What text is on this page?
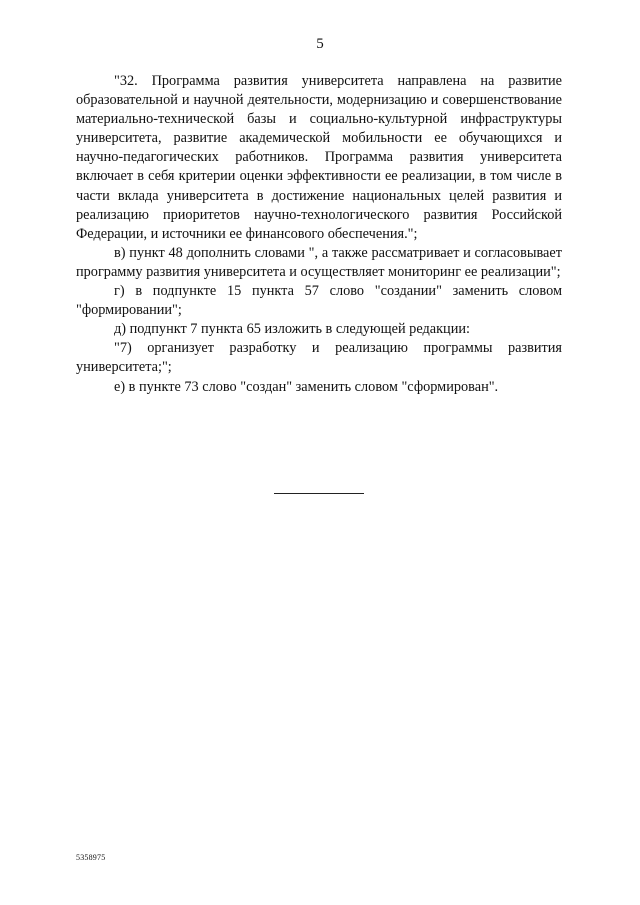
5

"32. Программа развития университета направлена на развитие образовательной и научной деятельности, модернизацию и совершенствование материально-технической базы и социально-культурной инфраструктуры университета, развитие академической мобильности ее обучающихся и научно-педагогических работников. Программа развития университета включает в себя критерии оценки эффективности ее реализации, в том числе в части вклада университета в достижение национальных целей развития и реализацию приоритетов научно-технологического развития Российской Федерации, и источники ее финансового обеспечения.";

в) пункт 48 дополнить словами ", а также рассматривает и согласовывает программу развития университета и осуществляет мониторинг ее реализации";

г) в подпункте 15 пункта 57 слово "создании" заменить словом "формировании";

д) подпункт 7 пункта 65 изложить в следующей редакции:

"7) организует разработку и реализацию программы развития университета;";

е) в пункте 73 слово "создан" заменить словом "сформирован".

5358975
